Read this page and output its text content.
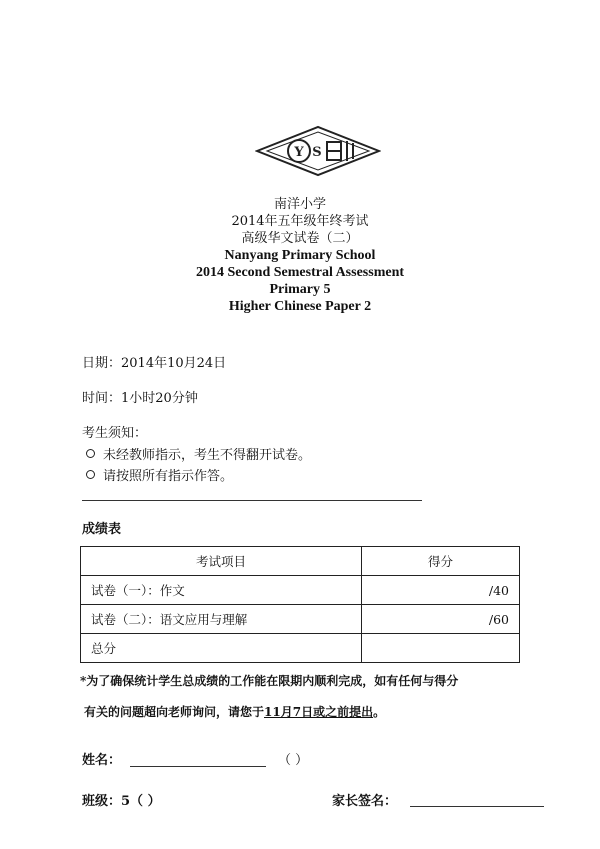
Y S
南洋小学
2014年五年级年终考试
高级华文试卷（二）
Nanyang Primary School
2014 Second Semestral Assessment
Primary 5
Higher Chinese Paper 2
日期：2014年10月24日
时间：1小时20分钟
考生须知：
未经教师指示，考生不得翻开试卷。
请按照所有指示作答。
成绩表
考试项目	得分
试卷（一）：作文	/40
试卷（二）：语文应用与理解	/60
总分	
*为了确保统计学生总成绩的工作能在限期内顺利完成，如有任何与得分
有关的问题超向老师询问，请您于11月7日或之前提出。
姓名：	（ ）
班级：5（ ）	家长签名：
